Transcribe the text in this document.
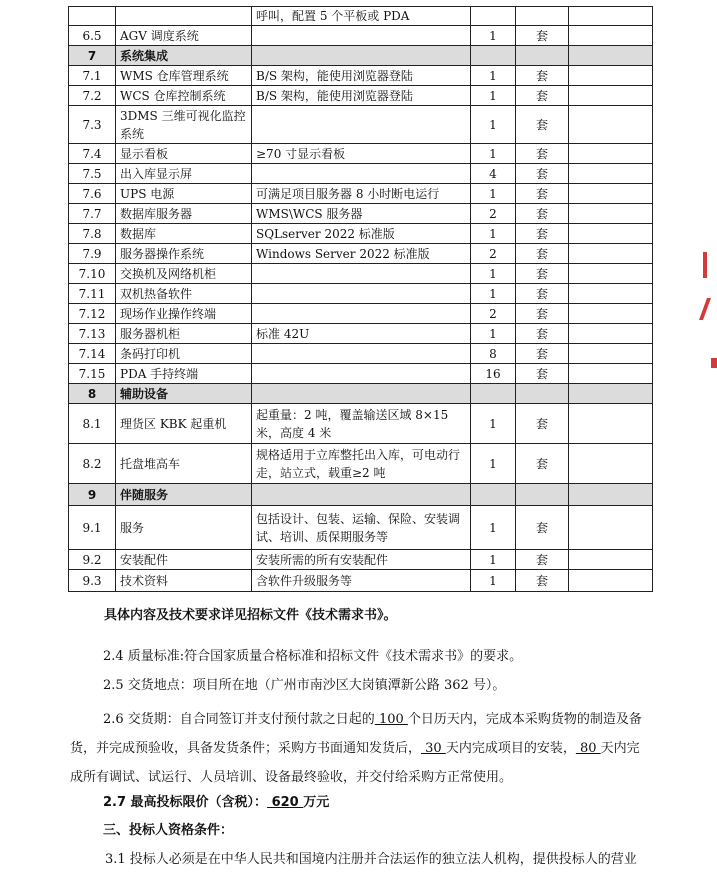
		呼叫，配置 5 个平板或 PDA			
6.5	AGV 调度系统		1	套	
7	系统集成				
7.1	WMS 仓库管理系统	B/S 架构，能使用浏览器登陆	1	套	
7.2	WCS 仓库控制系统	B/S 架构，能使用浏览器登陆	1	套	
7.3	3DMS 三维可视化监控系统		1	套	
7.4	显示看板	≥70 寸显示看板	1	套	
7.5	出入库显示屏		4	套	
7.6	UPS 电源	可满足项目服务器 8 小时断电运行	1	套	
7.7	数据库服务器	WMS\WCS 服务器	2	套	
7.8	数据库	SQLserver 2022 标准版	1	套	
7.9	服务器操作系统	Windows Server 2022 标准版	2	套	
7.10	交换机及网络机柜		1	套	
7.11	双机热备软件		1	套	
7.12	现场作业操作终端		2	套	
7.13	服务器机柜	标准 42U	1	套	
7.14	条码打印机		8	套	
7.15	PDA 手持终端		16	套	
8	辅助设备				
8.1	理货区 KBK 起重机	起重量：2 吨，覆盖输送区域 8×15 米，高度 4 米	1	套	
8.2	托盘堆高车	规格适用于立库整托出入库，可电动行走，站立式，载重≥2 吨	1	套	
9	伴随服务				
9.1	服务	包括设计、包装、运输、保险、安装调试、培训、质保期服务等	1	套	
9.2	安装配件	安装所需的所有安装配件	1	套	
9.3	技术资料	含软件升级服务等	1	套	
具体内容及技术要求详见招标文件《技术需求书》。
2.4 质量标准:符合国家质量合格标准和招标文件《技术需求书》的要求。
2.5 交货地点：项目所在地（广州市南沙区大岗镇潭新公路 362 号）。
2.6 交货期：自合同签订并支付预付款之日起的 100 个日历天内，完成本采购货物的制造及备货，并完成预验收，具备发货条件；采购方书面通知发货后， 30 天内完成项目的安装， 80 天内完成所有调试、试运行、人员培训、设备最终验收，并交付给采购方正常使用。
2.7 最高投标限价（含税）： 620 万元
三、投标人资格条件：
3.1 投标人必须是在中华人民共和国境内注册并合法运作的独立法人机构，提供投标人的营业
